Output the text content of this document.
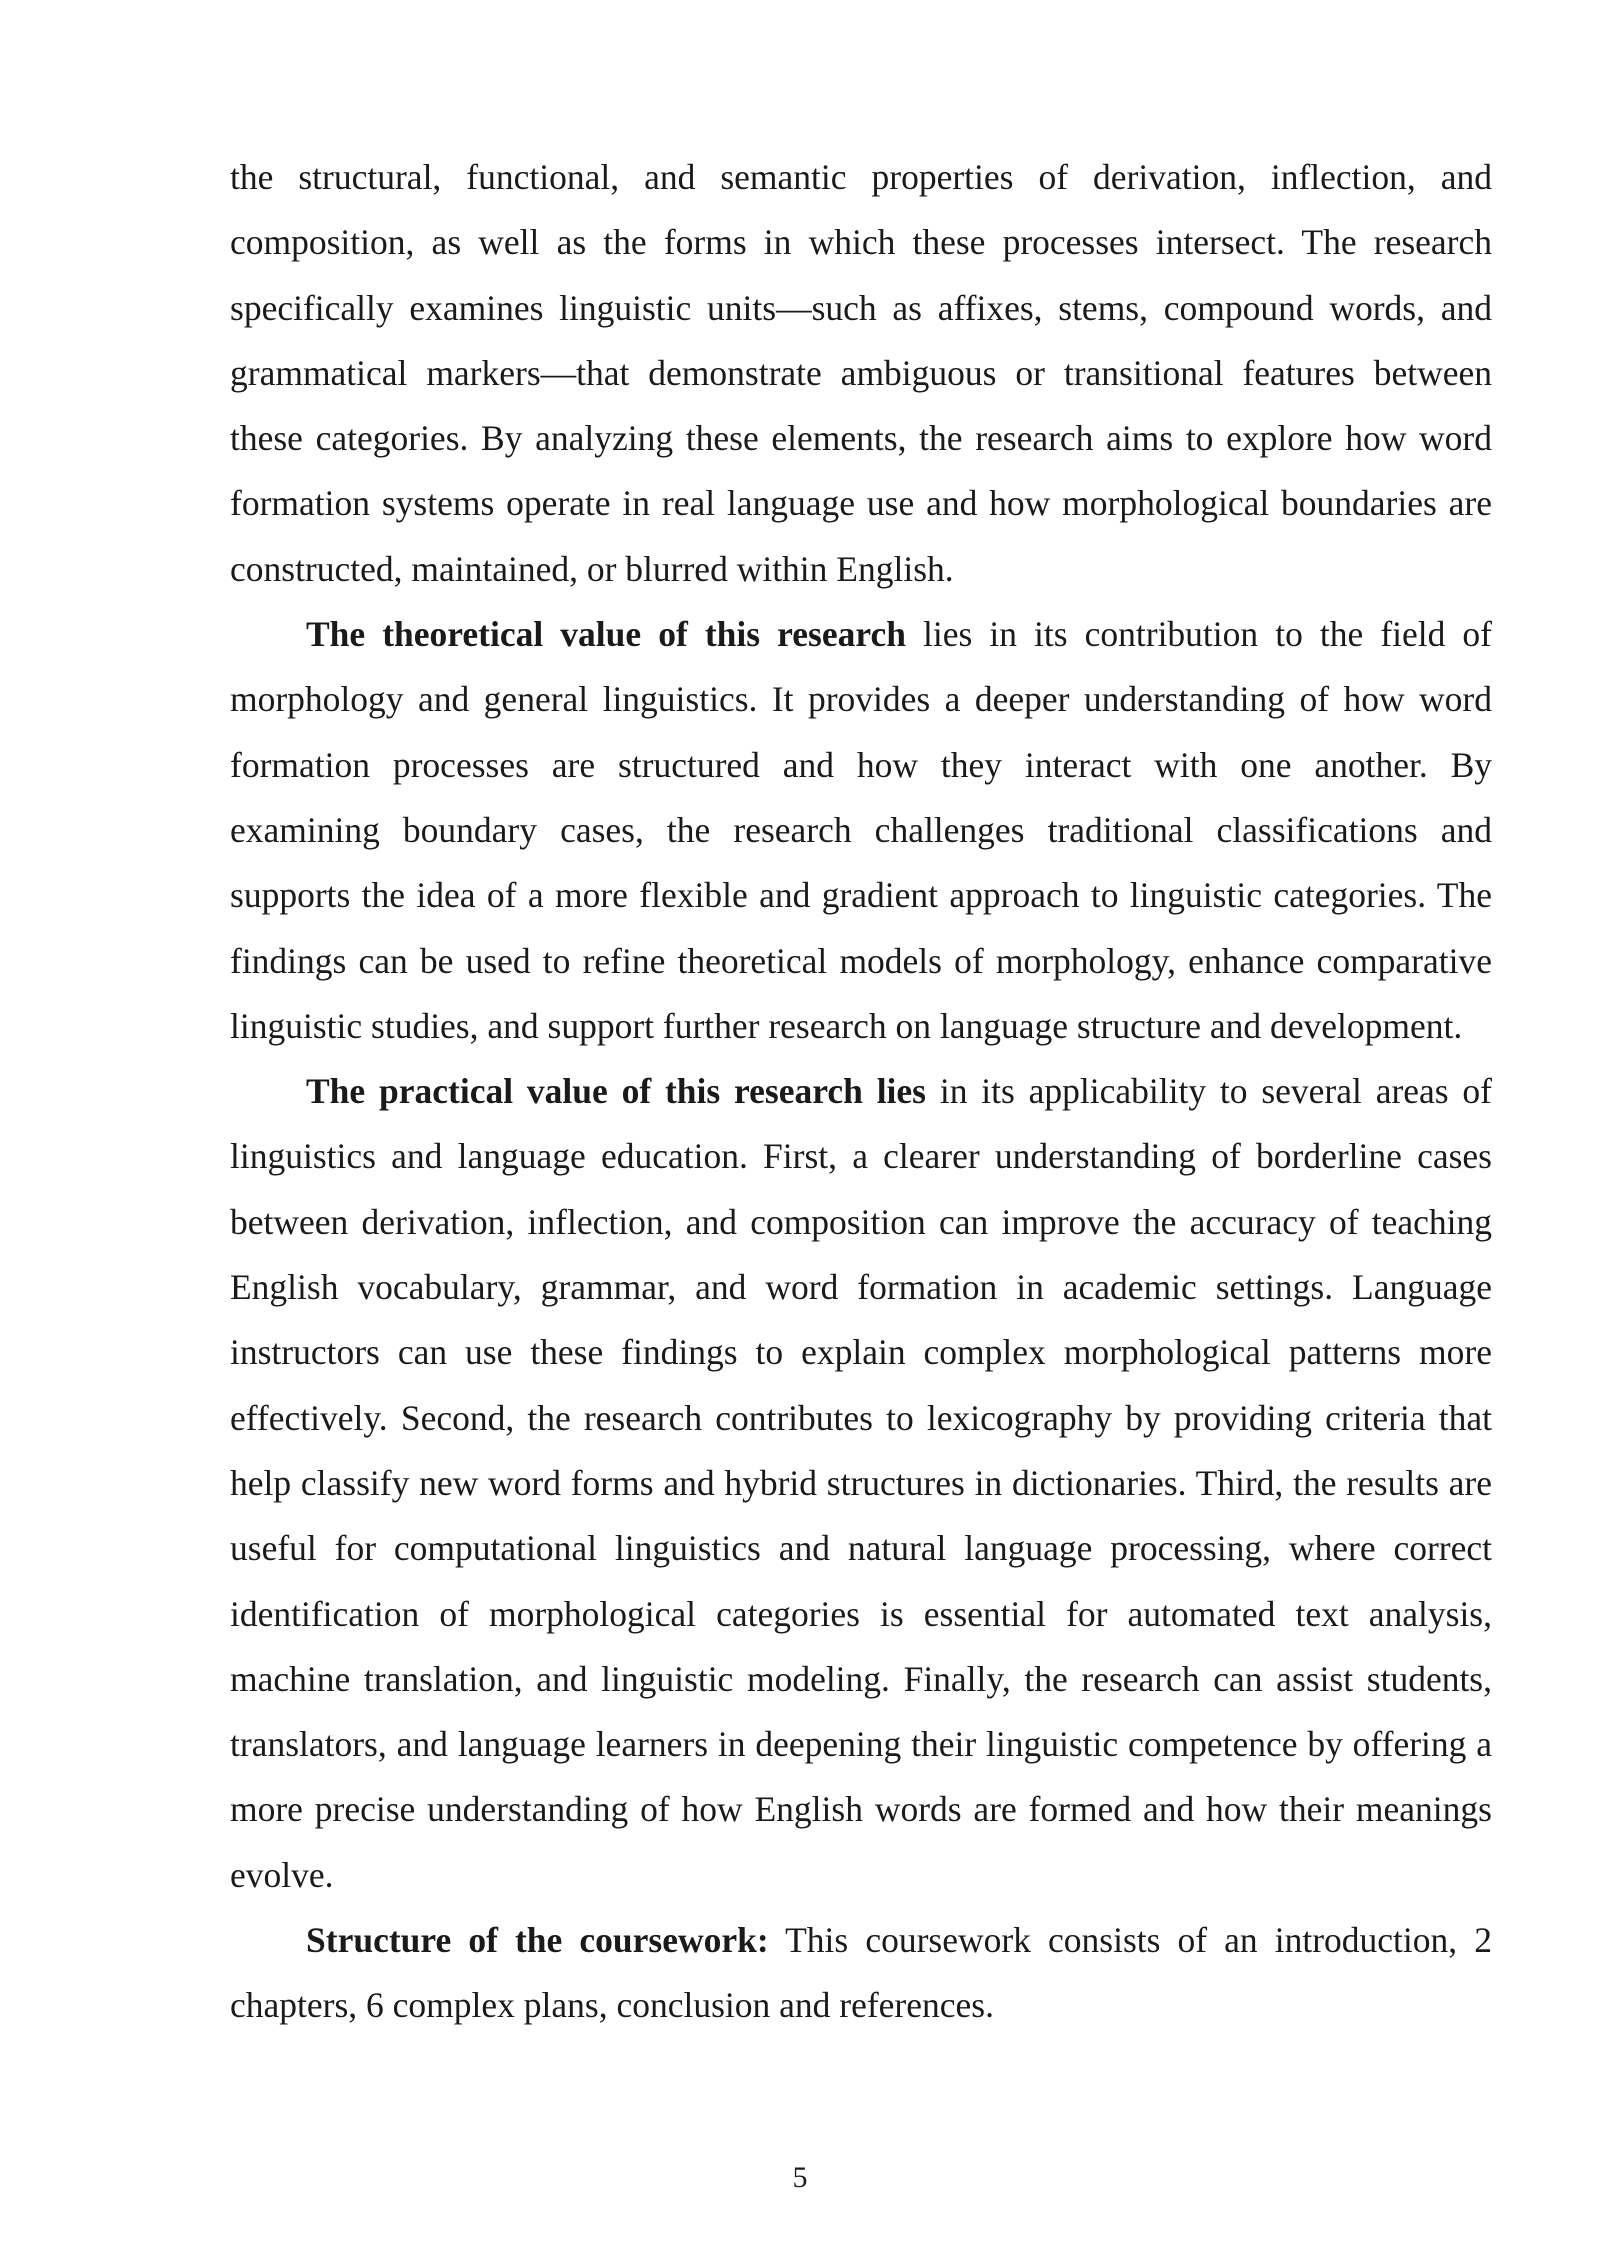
the structural, functional, and semantic properties of derivation, inflection, and composition, as well as the forms in which these processes intersect. The research specifically examines linguistic units—such as affixes, stems, compound words, and grammatical markers—that demonstrate ambiguous or transitional features between these categories. By analyzing these elements, the research aims to explore how word formation systems operate in real language use and how morphological boundaries are constructed, maintained, or blurred within English.

The theoretical value of this research lies in its contribution to the field of morphology and general linguistics. It provides a deeper understanding of how word formation processes are structured and how they interact with one another. By examining boundary cases, the research challenges traditional classifications and supports the idea of a more flexible and gradient approach to linguistic categories. The findings can be used to refine theoretical models of morphology, enhance comparative linguistic studies, and support further research on language structure and development.

The practical value of this research lies in its applicability to several areas of linguistics and language education. First, a clearer understanding of borderline cases between derivation, inflection, and composition can improve the accuracy of teaching English vocabulary, grammar, and word formation in academic settings. Language instructors can use these findings to explain complex morphological patterns more effectively. Second, the research contributes to lexicography by providing criteria that help classify new word forms and hybrid structures in dictionaries. Third, the results are useful for computational linguistics and natural language processing, where correct identification of morphological categories is essential for automated text analysis, machine translation, and linguistic modeling. Finally, the research can assist students, translators, and language learners in deepening their linguistic competence by offering a more precise understanding of how English words are formed and how their meanings evolve.

Structure of the coursework: This coursework consists of an introduction, 2 chapters, 6 complex plans, conclusion and references.

5
